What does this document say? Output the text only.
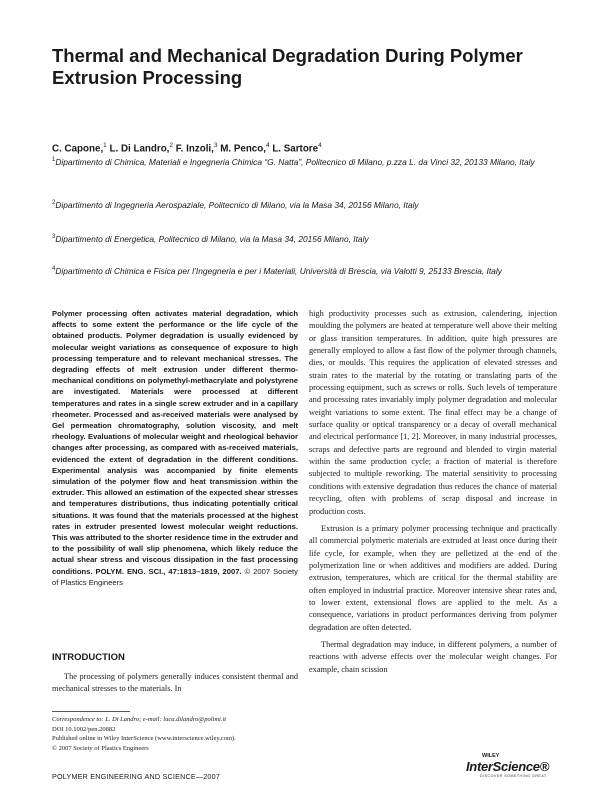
Thermal and Mechanical Degradation During Polymer Extrusion Processing
C. Capone,$^1$ L. Di Landro,$^2$ F. Inzoli,$^3$ M. Penco,$^4$ L. Sartore$^4$
$^1$Dipartimento di Chimica, Materiali e Ingegneria Chimica “G. Natta”, Politecnico di Milano, p.zza L. da Vinci 32, 20133 Milano, Italy
$^2$Dipartimento di Ingegneria Aerospaziale, Politecnico di Milano, via la Masa 34, 20156 Milano, Italy
$^3$Dipartimento di Energetica, Politecnico di Milano, via la Masa 34, 20156 Milano, Italy
$^4$Dipartimento di Chimica e Fisica per l’Ingegneria e per i Materiali, Università di Brescia, via Valotti 9, 25133 Brescia, Italy
Polymer processing often activates material degradation, which affects to some extent the performance or the life cycle of the obtained products. Polymer degradation is usually evidenced by molecular weight variations as consequence of exposure to high processing temperature and to relevant mechanical stresses. The degrading effects of melt extrusion under different thermo-mechanical conditions on polymethyl-methacrylate and polystyrene are investigated. Materials were processed at different temperatures and rates in a single screw extruder and in a capillary rheometer. Processed and as-received materials were analysed by Gel permeation chromatography, solution viscosity, and melt rheology. Evaluations of molecular weight and rheological behavior changes after processing, as compared with as-received materials, evidenced the extent of degradation in the different conditions. Experimental analysis was accompanied by finite elements simulation of the polymer flow and heat transmission within the extruder. This allowed an estimation of the expected shear stresses and temperatures distributions, thus indicating potentially critical situations. It was found that the materials processed at the highest rates in extruder presented lowest molecular weight reductions. This was attributed to the shorter residence time in the extruder and to the possibility of wall slip phenomena, which likely reduce the actual shear stress and viscous dissipation in the fast processing conditions. POLYM. ENG. SCI., 47:1813–1819, 2007. © 2007 Society of Plastics Engineers
INTRODUCTION

The processing of polymers generally induces consistent thermal and mechanical stresses to the materials. In

Correspondence to: L. Di Landro; e-mail: luca.dilandro@polimi.it
DOI 10.1002/pen.20882
Published online in Wiley InterScience (www.interscience.wiley.com).
© 2007 Society of Plastics Engineers
POLYMER ENGINEERING AND SCIENCE—2007

high productivity processes such as extrusion, calendering, injection moulding the polymers are heated at temperature well above their melting or glass transition temperatures. In addition, quite high pressures are generally employed to allow a fast flow of the polymer through channels, dies, or moulds. This requires the application of elevated stresses and strain rates to the material by the rotating or translating parts of the processing equipment, such as screws or rolls. Such levels of temperature and processing rates invariably imply polymer degradation and molecular weight variations to some extent. The final effect may be a change of surface quality or optical transparency or a decay of overall mechanical and electrical performance [1, 2]. Moreover, in many industrial processes, scraps and defective parts are reground and blended to virgin material within the same production cycle; a fraction of material is therefore subjected to multiple reworking. The material sensitivity to processing conditions with extensive degradation thus reduces the chance of material recycling, often with problems of scrap disposal and increase in production costs.

Extrusion is a primary polymer processing technique and practically all commercial polymeric materials are extruded at least once during their life cycle, for example, when they are pelletized at the end of the polymerization line or when additives and modifiers are added. During extrusion, temperatures, which are critical for the thermal stability are often employed in industrial practice. Moreover intensive shear rates and, to lower extent, extensional flows are applied to the melt. As a consequence, variations in product performances deriving from polymer degradation are often detected.

Thermal degradation may induce, in different polymers, a number of reactions with adverse effects over the molecular weight changes. For example, chain scission

WILEY
InterScience®
DISCOVER SOMETHING GREAT
